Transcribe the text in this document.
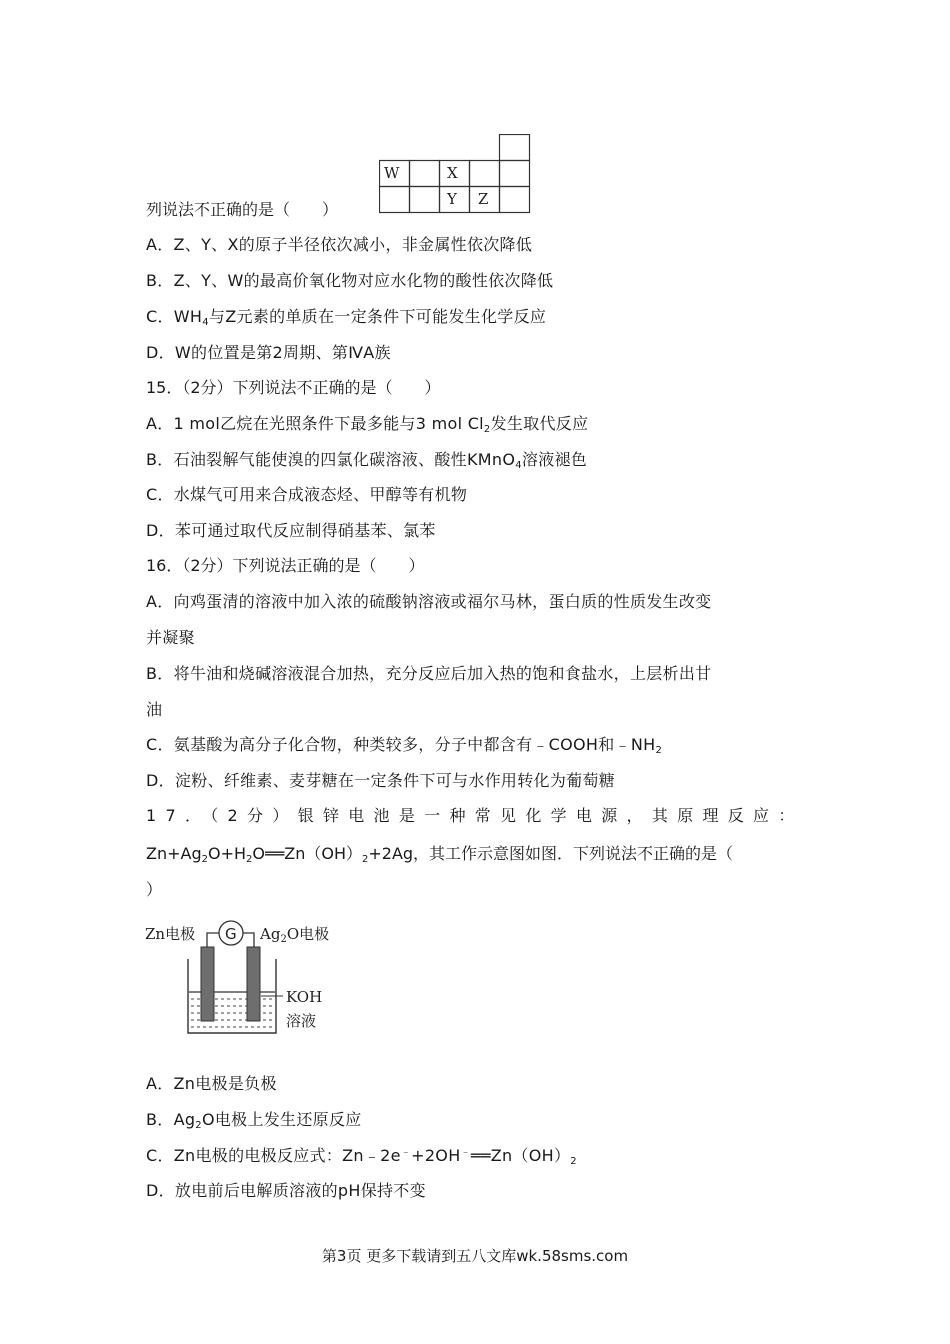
列说法不正确的是（　　）
W	X
Y Z
A．Z、Y、X的原子半径依次减小，非金属性依次降低
B．Z、Y、W的最高价氧化物对应水化物的酸性依次降低
C．$WH_4$与Z元素的单质在一定条件下可能发生化学反应
D．W的位置是第2周期、第ⅣA族
15．（2分）下列说法不正确的是（　　）
A．1 mol乙烷在光照条件下最多能与3 mol $Cl_2$发生取代反应
B．石油裂解气能使溴的四氯化碳溶液、酸性KMnO$_4$溶液褪色
C．水煤气可用来合成液态烃、甲醇等有机物
D．苯可通过取代反应制得硝基苯、氯苯
16．（2分）下列说法正确的是（　　）
A．向鸡蛋清的溶液中加入浓的硫酸钠溶液或福尔马林，蛋白质的性质发生改变
并凝聚
B．将牛油和烧碱溶液混合加热，充分反应后加入热的饱和食盐水，上层析出甘
油
C．氨基酸为高分子化合物，种类较多，分子中都含有﹣COOH和$﹣NH_2$
D．淀粉、纤维素、麦芽糖在一定条件下可与水作用转化为葡萄糖
17．（2分）银锌电池是一种常见化学电源，其原理反应：
$Zn+Ag_2O+H_2O══Zn(OH)_2+2Ag$，其工作示意图如图．下列说法不正确的是（
）
Zn电极	$Ag_2O$电极
KOH
溶液
G
A．Zn电极是负极
B．$Ag_2O$电极上发生还原反应
C．Zn电极的电极反应式：$Zn﹣2e^﹣+2OH^﹣══Zn(OH)_2$
D．放电前后电解质溶液的pH保持不变
第3页 更多下载请到五八文库wk.58sms.com
